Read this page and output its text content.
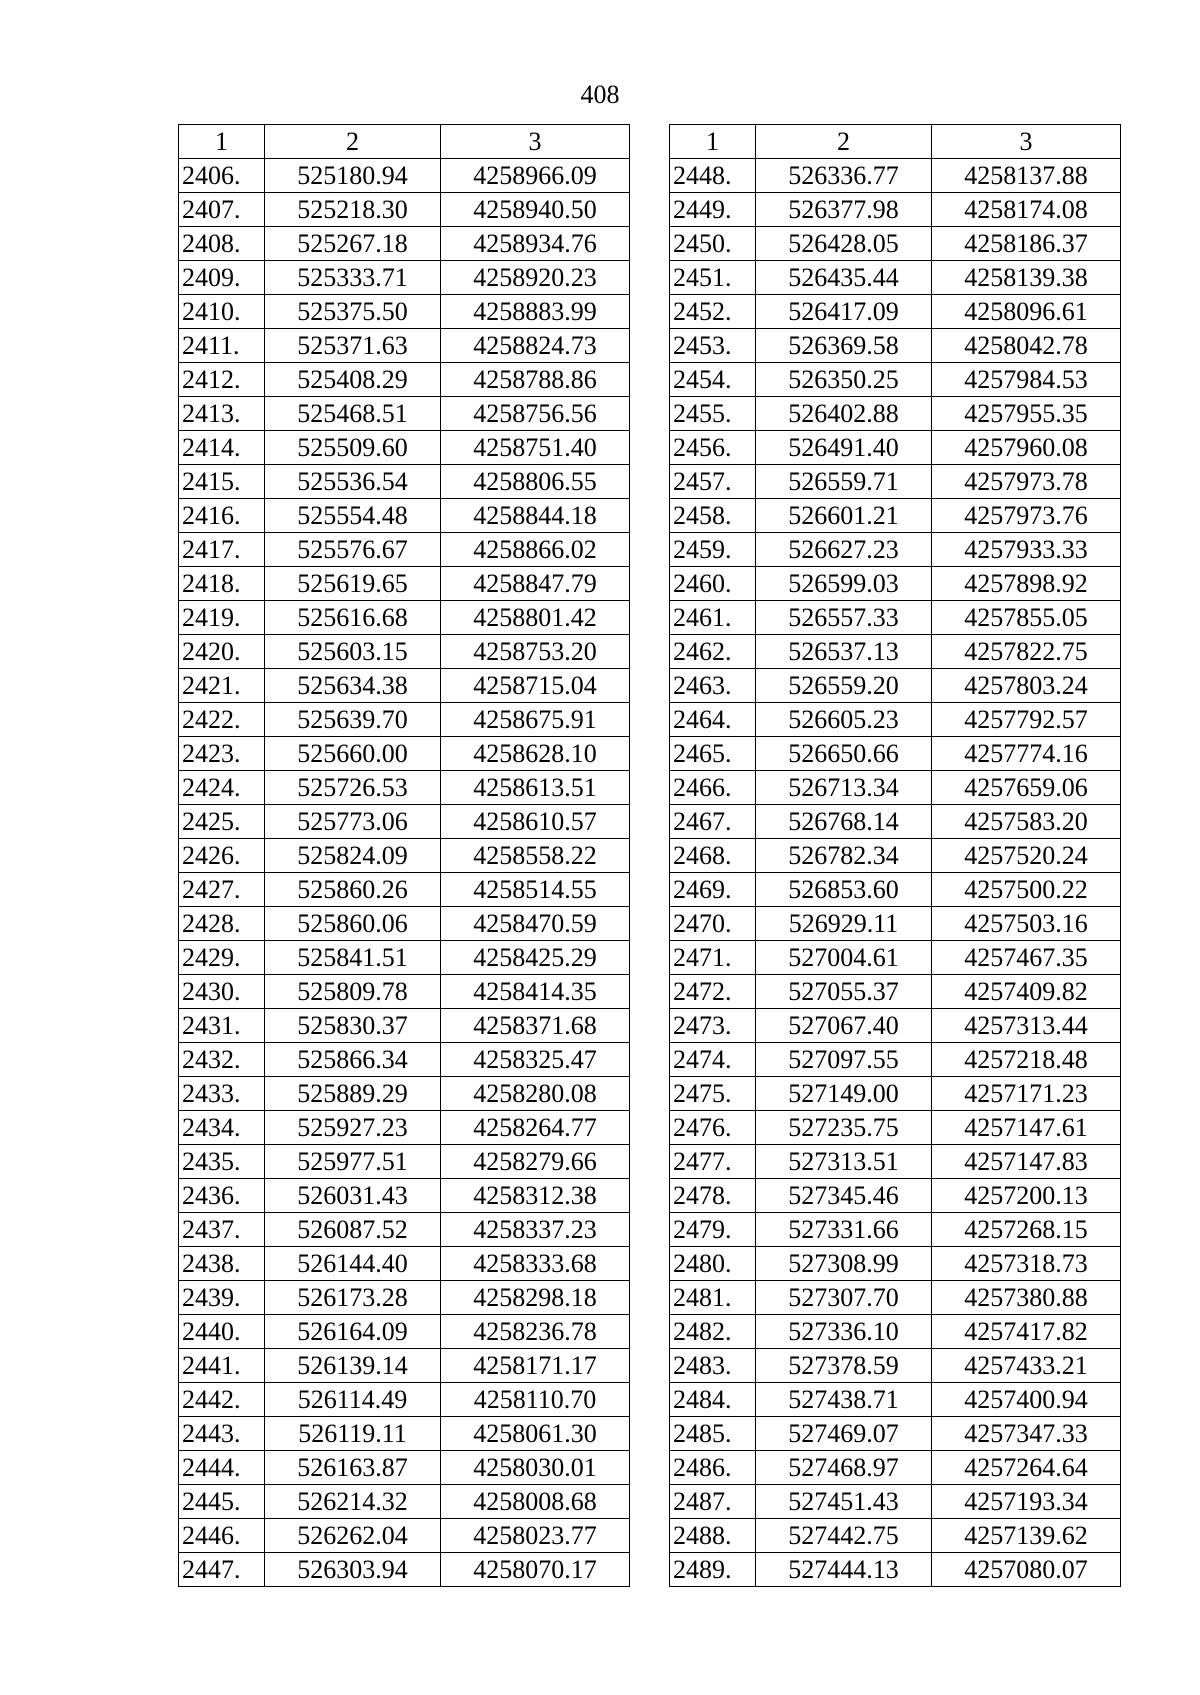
408
1	2	3
2406.	525180.94	4258966.09
2407.	525218.30	4258940.50
2408.	525267.18	4258934.76
2409.	525333.71	4258920.23
2410.	525375.50	4258883.99
2411.	525371.63	4258824.73
2412.	525408.29	4258788.86
2413.	525468.51	4258756.56
2414.	525509.60	4258751.40
2415.	525536.54	4258806.55
2416.	525554.48	4258844.18
2417.	525576.67	4258866.02
2418.	525619.65	4258847.79
2419.	525616.68	4258801.42
2420.	525603.15	4258753.20
2421.	525634.38	4258715.04
2422.	525639.70	4258675.91
2423.	525660.00	4258628.10
2424.	525726.53	4258613.51
2425.	525773.06	4258610.57
2426.	525824.09	4258558.22
2427.	525860.26	4258514.55
2428.	525860.06	4258470.59
2429.	525841.51	4258425.29
2430.	525809.78	4258414.35
2431.	525830.37	4258371.68
2432.	525866.34	4258325.47
2433.	525889.29	4258280.08
2434.	525927.23	4258264.77
2435.	525977.51	4258279.66
2436.	526031.43	4258312.38
2437.	526087.52	4258337.23
2438.	526144.40	4258333.68
2439.	526173.28	4258298.18
2440.	526164.09	4258236.78
2441.	526139.14	4258171.17
2442.	526114.49	4258110.70
2443.	526119.11	4258061.30
2444.	526163.87	4258030.01
2445.	526214.32	4258008.68
2446.	526262.04	4258023.77
2447.	526303.94	4258070.17
1	2	3
2448.	526336.77	4258137.88
2449.	526377.98	4258174.08
2450.	526428.05	4258186.37
2451.	526435.44	4258139.38
2452.	526417.09	4258096.61
2453.	526369.58	4258042.78
2454.	526350.25	4257984.53
2455.	526402.88	4257955.35
2456.	526491.40	4257960.08
2457.	526559.71	4257973.78
2458.	526601.21	4257973.76
2459.	526627.23	4257933.33
2460.	526599.03	4257898.92
2461.	526557.33	4257855.05
2462.	526537.13	4257822.75
2463.	526559.20	4257803.24
2464.	526605.23	4257792.57
2465.	526650.66	4257774.16
2466.	526713.34	4257659.06
2467.	526768.14	4257583.20
2468.	526782.34	4257520.24
2469.	526853.60	4257500.22
2470.	526929.11	4257503.16
2471.	527004.61	4257467.35
2472.	527055.37	4257409.82
2473.	527067.40	4257313.44
2474.	527097.55	4257218.48
2475.	527149.00	4257171.23
2476.	527235.75	4257147.61
2477.	527313.51	4257147.83
2478.	527345.46	4257200.13
2479.	527331.66	4257268.15
2480.	527308.99	4257318.73
2481.	527307.70	4257380.88
2482.	527336.10	4257417.82
2483.	527378.59	4257433.21
2484.	527438.71	4257400.94
2485.	527469.07	4257347.33
2486.	527468.97	4257264.64
2487.	527451.43	4257193.34
2488.	527442.75	4257139.62
2489.	527444.13	4257080.07
